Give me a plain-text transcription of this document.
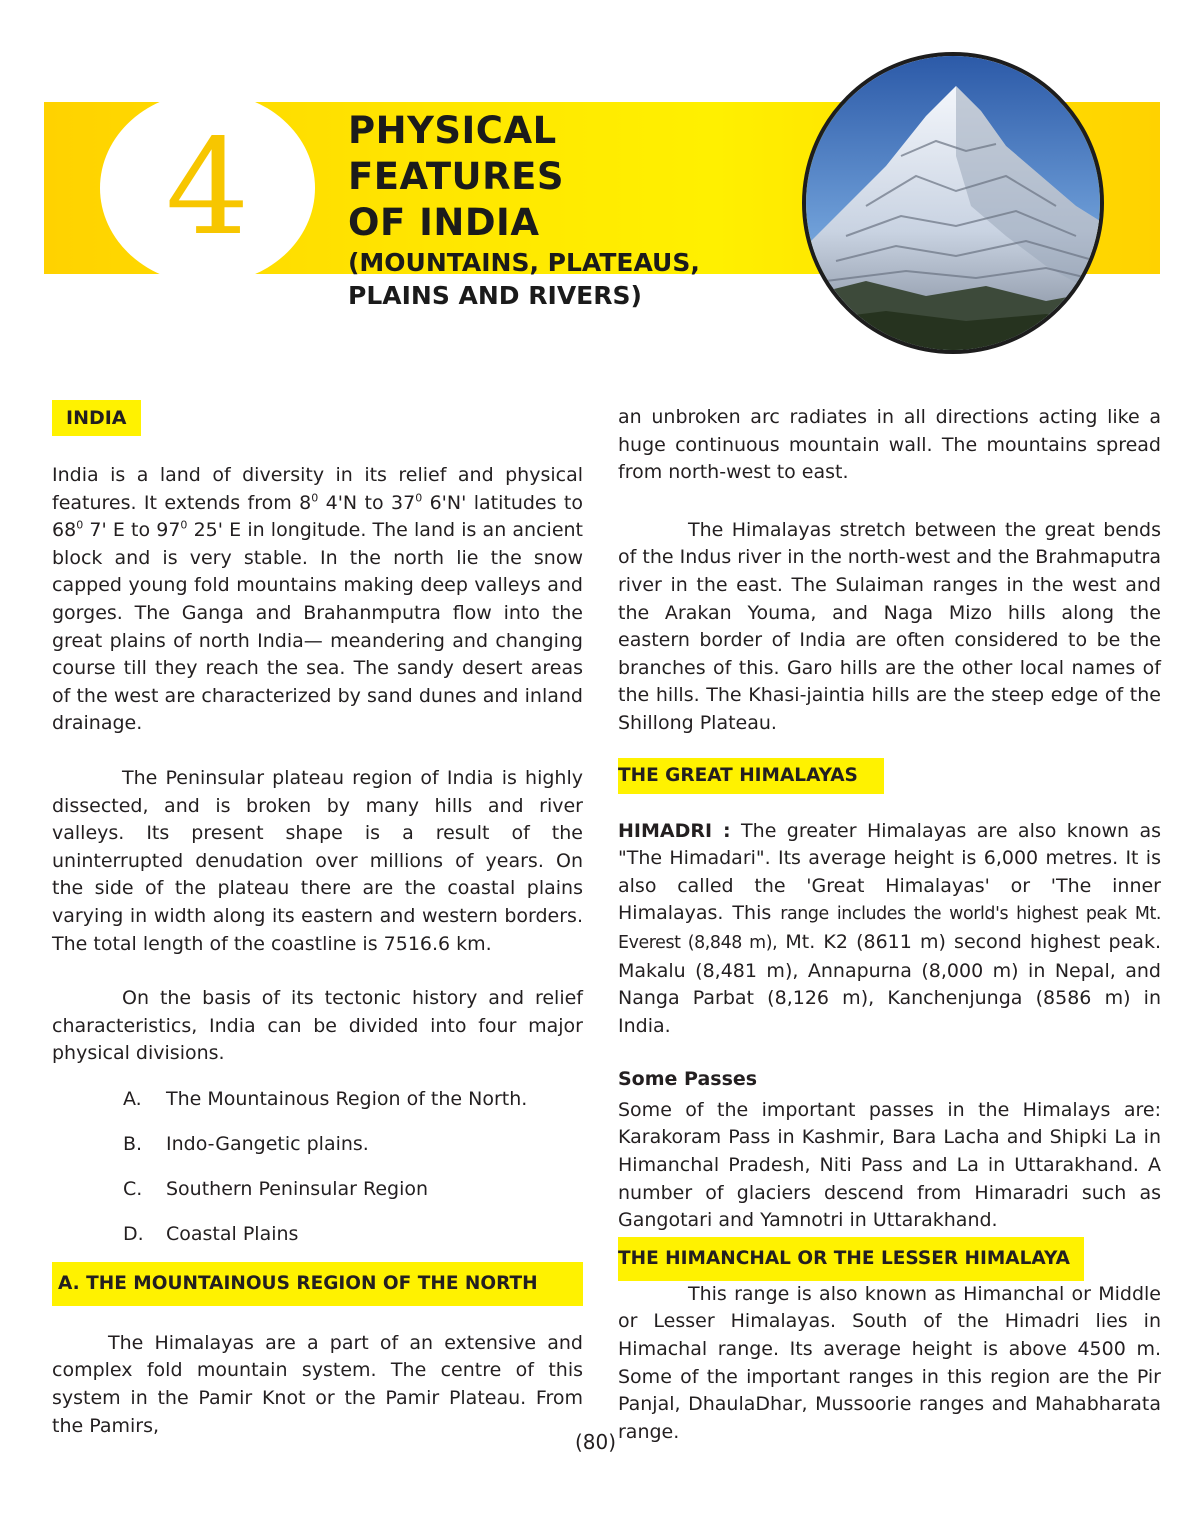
4	PHYSICAL FEATURES
OF INDIA
(MOUNTAINS, PLATEAUS,
PLAINS AND RIVERS)
INDIA

India is a land of diversity in its relief and physical features. It extends from $8^0$ 4'N to $37^0$ 6'N' latitudes to $68^0$ 7' E to $97^0$ 25' E in longitude. The land is an ancient block and is very stable. In the north lie the snow capped young fold mountains making deep valleys and gorges. The Ganga and Brahanmputra flow into the great plains of north India— meandering and changing course till they reach the sea. The sandy desert areas of the west are characterized by sand dunes and inland drainage.

The Peninsular plateau region of India is highly dissected, and is broken by many hills and river valleys. Its present shape is a result of the uninterrupted denudation over millions of years. On the side of the plateau there are the coastal plains varying in width along its eastern and western borders. The total length of the coastline is 7516.6 km.

On the basis of its tectonic history and relief characteristics, India can be divided into four major physical divisions.

A. The Mountainous Region of the North.
B. Indo-Gangetic plains.
C. Southern Peninsular Region
D. Coastal Plains
A. THE MOUNTAINOUS REGION OF THE NORTH

The Himalayas are a part of an extensive and complex fold mountain system. The centre of this system in the Pamir Knot or the Pamir Plateau. From the Pamirs,

an unbroken arc radiates in all directions acting like a huge continuous mountain wall. The mountains spread from north-west to east.

The Himalayas stretch between the great bends of the Indus river in the north-west and the Brahmaputra river in the east. The Sulaiman ranges in the west and the Arakan Youma, and Naga Mizo hills along the eastern border of India are often considered to be the branches of this. Garo hills are the other local names of the hills. The Khasi-jaintia hills are the steep edge of the Shillong Plateau.

THE GREAT HIMALAYAS

HIMADRI : The greater Himalayas are also known as "The Himadari". Its average height is 6,000 metres. It is also called the 'Great Himalayas' or 'The inner Himalayas. This range includes the world's highest peak Mt. Everest (8,848 m), Mt. K2 (8611 m) second highest peak. Makalu (8,481 m), Annapurna (8,000 m) in Nepal, and Nanga Parbat (8,126 m), Kanchenjunga (8586 m) in India.

Some Passes

Some of the important passes in the Himalays are: Karakoram Pass in Kashmir, Bara Lacha and Shipki La in Himanchal Pradesh, Niti Pass and La in Uttarakhand. A number of glaciers descend from Himaradri such as Gangotari and Yamnotri in Uttarakhand.

THE HIMANCHAL OR THE LESSER HIMALAYA

This range is also known as Himanchal or Middle or Lesser Himalayas. South of the Himadri lies in Himachal range. Its average height is above 4500 m. Some of the important ranges in this region are the Pir Panjal, DhaulaDhar, Mussoorie ranges and Mahabharata range.

(80)
